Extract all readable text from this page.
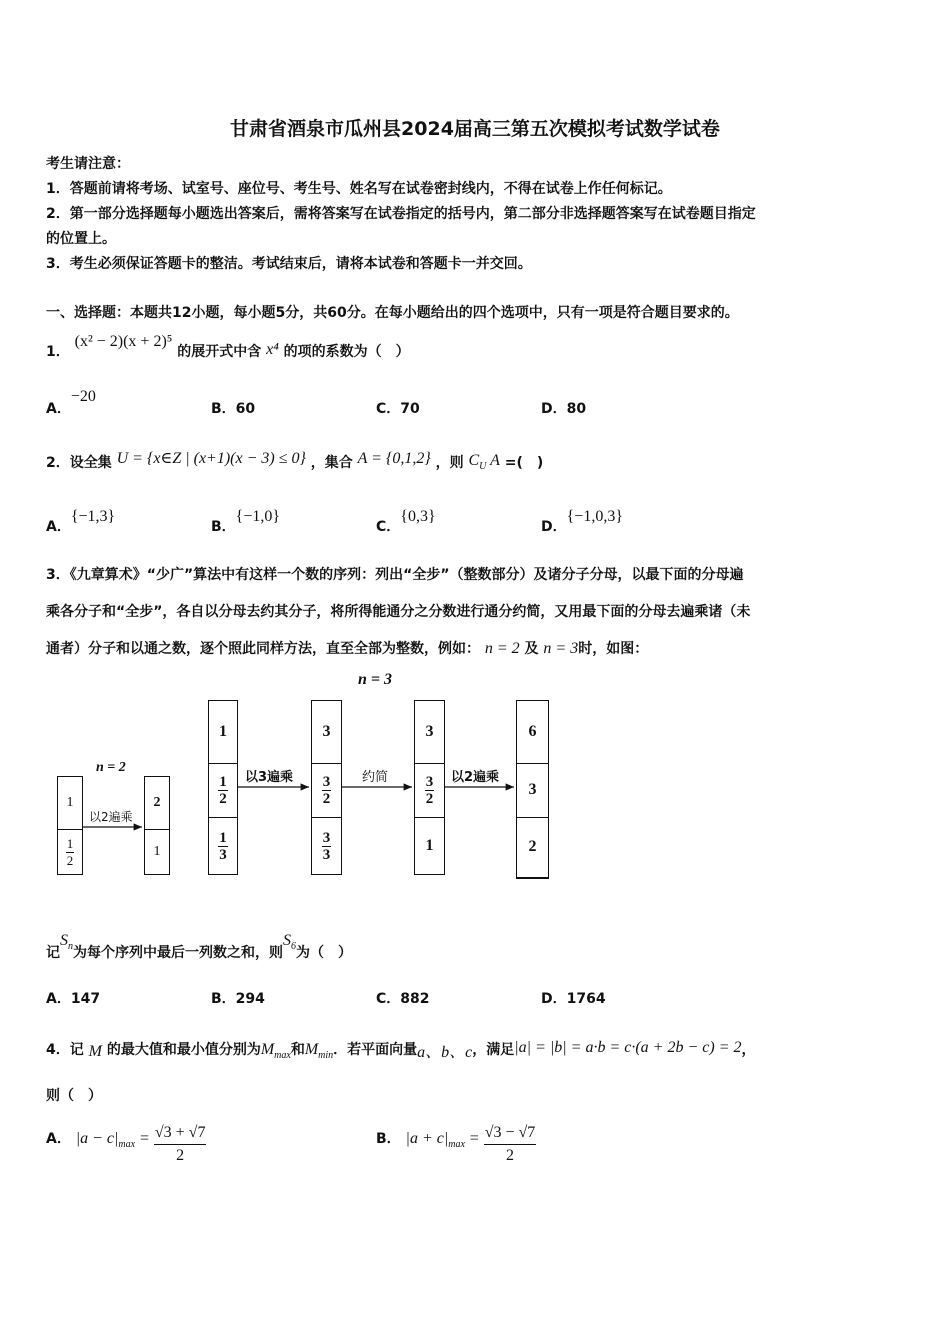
甘肃省酒泉市瓜州县2024届高三第五次模拟考试数学试卷
考生请注意：
1．答题前请将考场、试室号、座位号、考生号、姓名写在试卷密封线内，不得在试卷上作任何标记。
2．第一部分选择题每小题选出答案后，需将答案写在试卷指定的括号内，第二部分非选择题答案写在试卷题目指定
的位置上。
3．考生必须保证答题卡的整洁。考试结束后，请将本试卷和答题卡一并交回。
一、选择题：本题共12小题，每小题5分，共60分。在每小题给出的四个选项中，只有一项是符合题目要求的。
1． (x² − 2)(x + 2)⁵ 的展开式中含 x⁴ 的项的系数为（　）
A．−20
B．60	C．70	D．80
2．设全集 U = {x∈Z | (x+1)(x − 3) ≤ 0} ，集合 A = {0,1,2} ，则 $C_U$ A =(　)
A．{−1,3}
B．{−1,0}
C．{0,3}
D．{−1,0,3}
3．《九章算术》“少广”算法中有这样一个数的序列：列出“全步”（整数部分）及诸分子分母，以最下面的分母遍
乘各分子和“全步”，各自以分母去约其分子，将所得能通分之分数进行通分约简，又用最下面的分母去遍乘诸（未
通者）分子和以通之数，逐个照此同样方法，直至全部为整数，例如： n = 2 及 n = 3时，如图：
n = 3
n = 2
1
$\frac{1}{2}$
2
1
1
$\frac{1}{2}$
$\frac{1}{3}$
3
$\frac{3}{2}$
$\frac{3}{3}$
3
$\frac{3}{2}$
1
6
3
2
以2遍乘
以3遍乘	约简	以2遍乘
记$S_n$为每个序列中最后一列数之和，则$S_6$为（　）
A．147	B．294	C．882	D．1764
4．记 M 的最大值和最小值分别为$M_{max}$和$M_{min}$．若平面向量a、b、c，满足|a| = |b| = a·b = c·(a + 2b − c) = 2，
则（　）
A． $|a - c|_{max} = \frac{√3 + √7}{2}$	B． $|a + c|_{max} = \frac{√3 - √7}{2}$
